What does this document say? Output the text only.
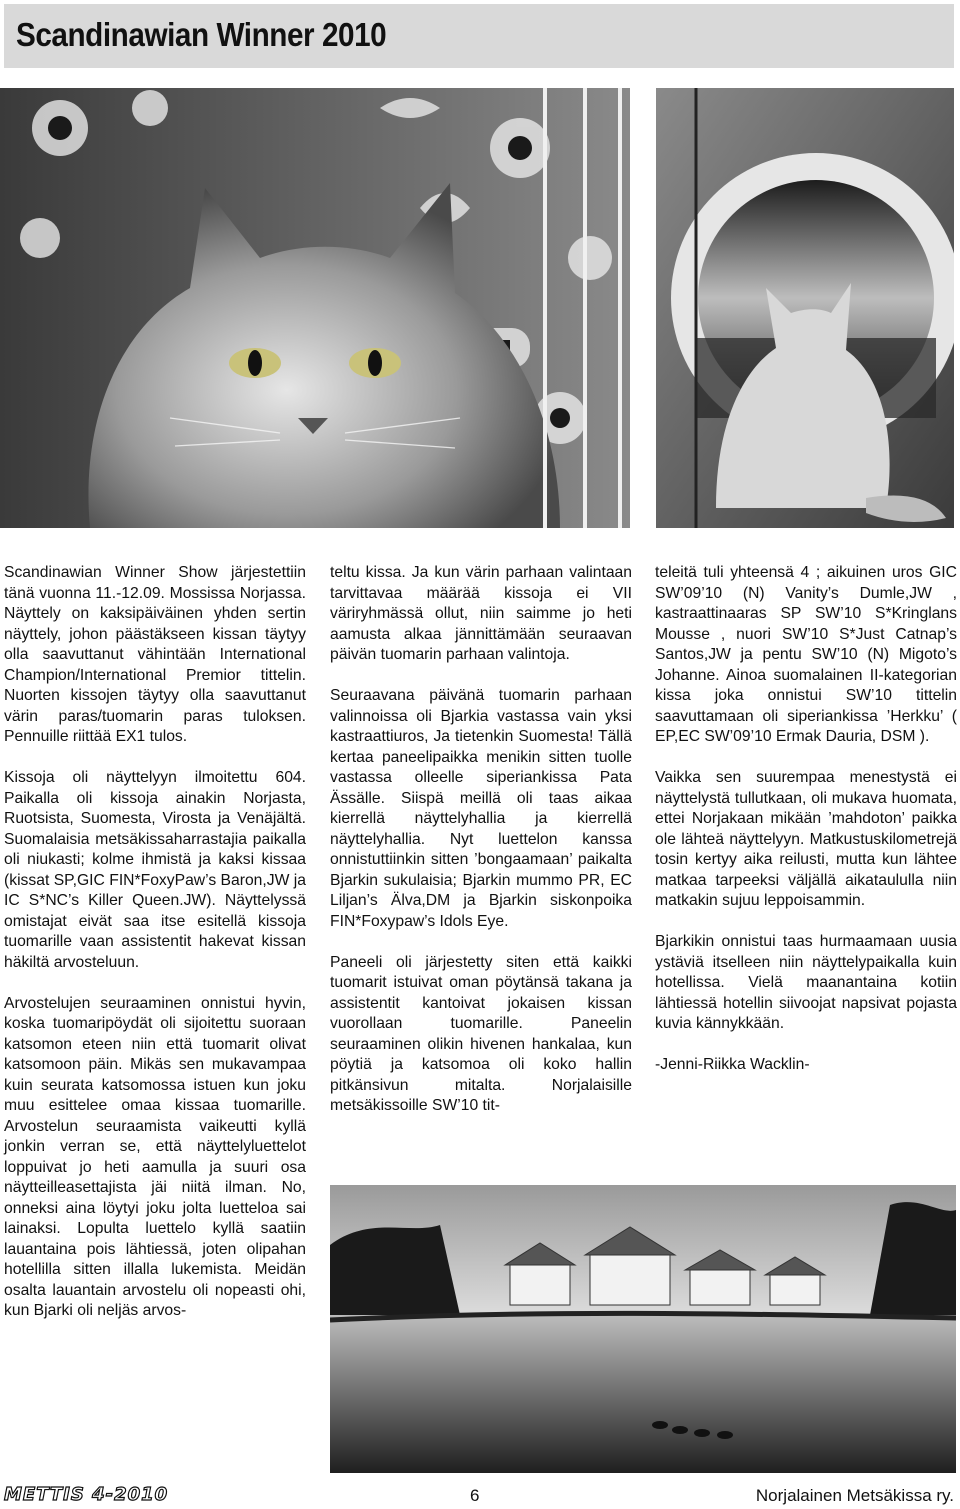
Scandinawian Winner 2010

Scandinawian Winner Show järjestettiin tänä vuonna 11.-12.09. Mossissa Norjassa. Näyttely on kaksipäiväinen yhden sertin näyttely, johon päästäkseen kissan täytyy olla saavuttanut vähintään International Champion/International Premior tittelin. Nuorten kissojen täytyy olla saavuttanut värin paras/tuomarin paras tuloksen. Pennuille riittää EX1 tulos.

Kissoja oli näyttelyyn ilmoitettu 604. Paikalla oli kissoja ainakin Norjasta, Ruotsista, Suomesta, Virosta ja Venäjältä. Suomalaisia metsäkissaharrastajia paikalla oli niukasti; kolme ihmistä ja kaksi kissaa (kissat SP,GIC FIN*FoxyPaw’s Baron,JW ja IC S*NC’s Killer Queen.JW). Näyttelyssä omistajat eivät saa itse esitellä kissoja tuomarille vaan assistentit hakevat kissan häkiltä arvosteluun.

Arvostelujen seuraaminen onnistui hyvin, koska tuomaripöydät oli sijoitettu suoraan katsomon eteen niin että tuomarit olivat katsomoon päin. Mikäs sen mukavampaa kuin seurata katsomossa istuen kun joku muu esittelee omaa kissaa tuomarille. Arvostelun seuraamista vaikeutti kyllä jonkin verran se, että näyttelyluettelot loppuivat jo heti aamulla ja suuri osa näytteilleasettajista jäi niitä ilman. No, onneksi aina löytyi joku jolta luetteloa sai lainaksi. Lopulta luettelo kyllä saatiin lauantaina pois lähtiessä, joten olipahan hotellilla sitten illalla lukemista. Meidän osalta lauantain arvostelu oli nopeasti ohi, kun Bjarki oli neljäs arvos-

teltu kissa. Ja kun värin parhaan valintaan tarvittavaa määrää kissoja ei VII väriryhmässä ollut, niin saimme jo heti aamusta alkaa jännittämään seuraavan päivän tuomarin parhaan valintoja.

Seuraavana päivänä tuomarin parhaan valinnoissa oli Bjarkia vastassa vain yksi kastraattiuros, Ja tietenkin Suomesta! Tällä kertaa paneelipaikka menikin sitten tuolle vastassa olleelle siperiankissa Pata Ässälle. Siispä meillä oli taas aikaa kierrellä näyttelyhallia ja kierrellä näyttelyhallia. Nyt luettelon kanssa onnistuttiinkin sitten ’bongaamaan’ paikalta Bjarkin sukulaisia; Bjarkin mummo PR, EC Liljan’s Älva,DM ja Bjarkin siskonpoika FIN*Foxypaw’s Idols Eye.

Paneeli oli järjestetty siten että kaikki tuomarit istuivat oman pöytänsä takana ja assistentit kantoivat jokaisen kissan vuorollaan tuomarille. Paneelin seuraaminen olikin hivenen hankalaa, kun pöytiä ja katsomoa oli koko hallin pitkänsivun mitalta. Norjalaisille metsäkissoille SW’10 tit-

teleitä tuli yhteensä 4 ; aikuinen uros GIC SW’09’10 (N) Vanity’s Dumle,JW , kastraattinaaras SP SW’10 S*Kringlans Mousse , nuori SW’10 S*Just Catnap’s Santos,JW ja pentu SW’10 (N) Migoto’s Johanne. Ainoa suomalainen II-kategorian kissa joka onnistui SW’10 tittelin saavuttamaan oli siperiankissa ’Herkku’ ( EP,EC SW’09’10 Ermak Dauria, DSM ).

Vaikka sen suurempaa menestystä ei näyttelystä tullutkaan, oli mukava huomata, ettei Norjakaan mikään ’mahdoton’ paikka ole lähteä näyttelyyn. Matkustuskilometrejä tosin kertyy aika reilusti, mutta kun lähtee matkaa tarpeeksi väljällä aikataululla niin matkakin sujuu leppoisammin.

Bjarkikin onnistui taas hurmaamaan uusia ystäviä itselleen niin näyttelypaikalla kuin hotellissa. Vielä maanantaina kotiin lähtiessä hotellin siivoojat napsivat pojasta kuvia kännykkään.

-Jenni-Riikka Wacklin-

METTIS 4-2010	6	Norjalainen Metsäkissa ry.
